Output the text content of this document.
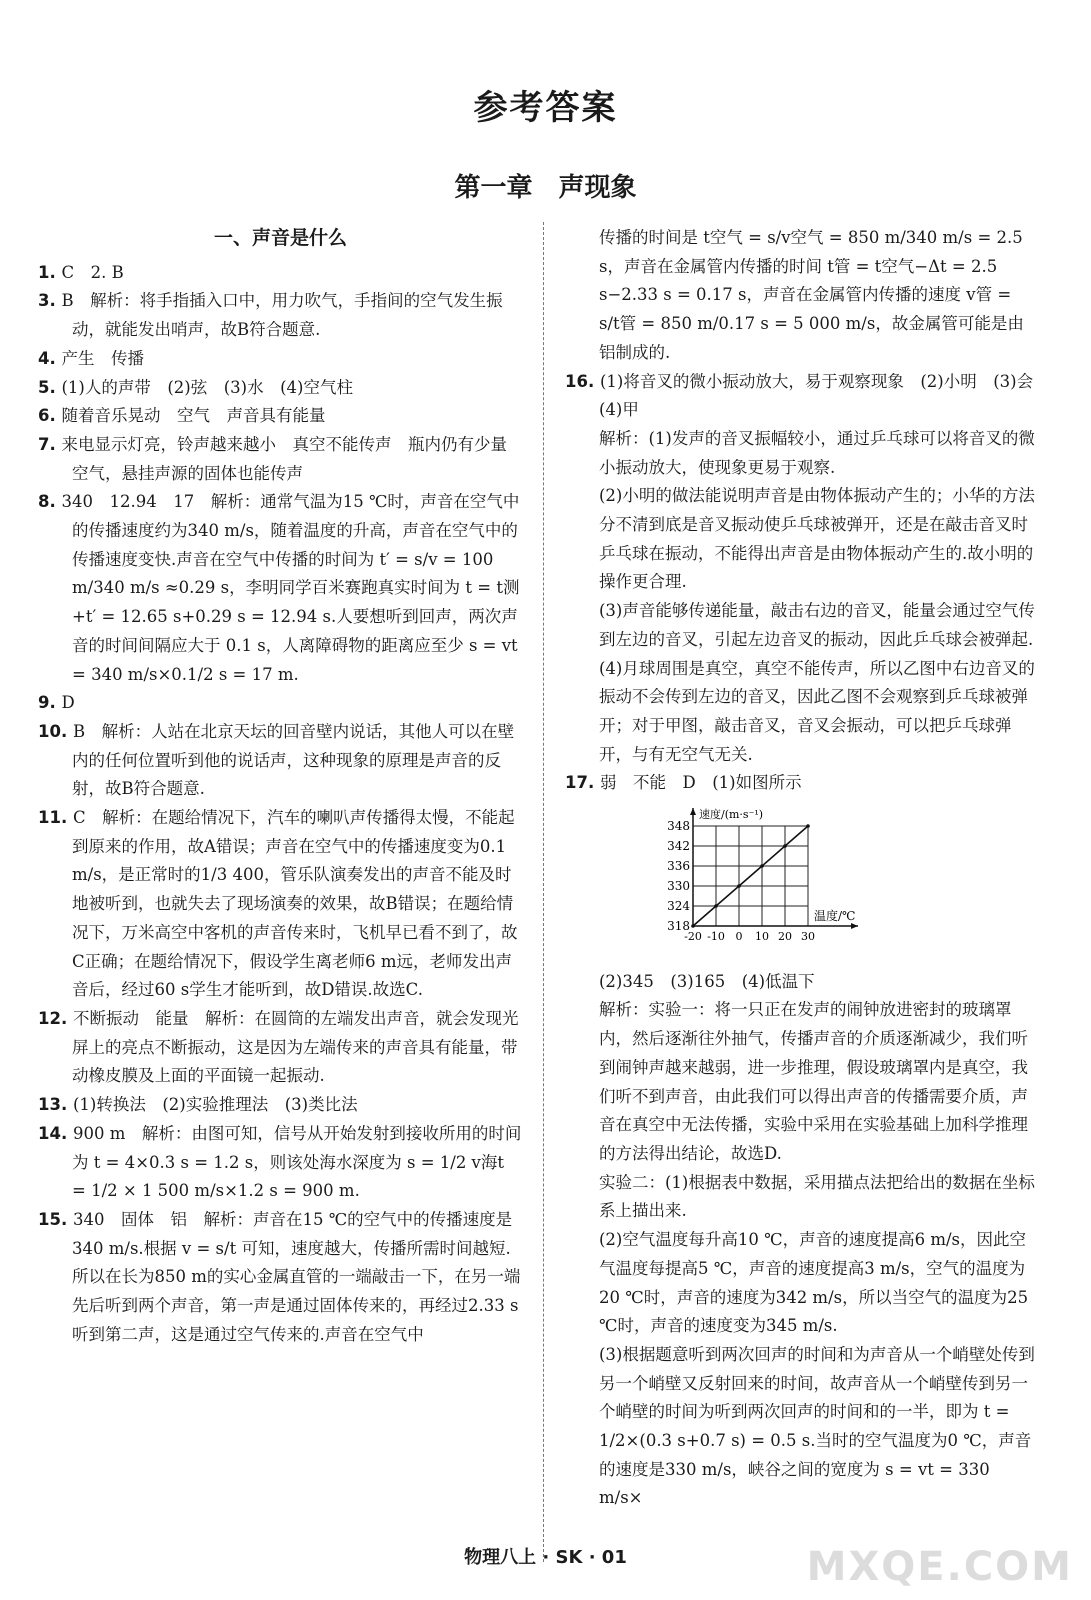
参考答案
第一章　声现象
一、声音是什么

1. C　2. B

3. B　解析：将手指插入口中，用力吹气，手指间的空气发生振动，就能发出哨声，故B符合题意.

4. 产生　传播

5. (1)人的声带　(2)弦　(3)水　(4)空气柱

6. 随着音乐晃动　空气　声音具有能量

7. 来电显示灯亮，铃声越来越小　真空不能传声　瓶内仍有少量空气，悬挂声源的固体也能传声

8. 340　12.94　17　解析：通常气温为15 ℃时，声音在空气中的传播速度约为340 m/s，随着温度的升高，声音在空气中的传播速度变快.声音在空气中传播的时间为 t′ = s/v = 100 m/340 m/s ≈0.29 s，李明同学百米赛跑真实时间为 t = t测+t′ = 12.65 s+0.29 s = 12.94 s.人要想听到回声，两次声音的时间间隔应大于 0.1 s，人离障碍物的距离应至少 s = vt = 340 m/s×0.1/2 s = 17 m.

9. D

10. B　解析：人站在北京天坛的回音壁内说话，其他人可以在壁内的任何位置听到他的说话声，这种现象的原理是声音的反射，故B符合题意.

11. C　解析：在题给情况下，汽车的喇叭声传播得太慢，不能起到原来的作用，故A错误；声音在空气中的传播速度变为0.1 m/s，是正常时的1/3 400，管乐队演奏发出的声音不能及时地被听到，也就失去了现场演奏的效果，故B错误；在题给情况下，万米高空中客机的声音传来时，飞机早已看不到了，故C正确；在题给情况下，假设学生离老师6 m远，老师发出声音后，经过60 s学生才能听到，故D错误.故选C.

12. 不断振动　能量　解析：在圆筒的左端发出声音，就会发现光屏上的亮点不断振动，这是因为左端传来的声音具有能量，带动橡皮膜及上面的平面镜一起振动.

13. (1)转换法　(2)实验推理法　(3)类比法

14. 900 m　解析：由图可知，信号从开始发射到接收所用的时间为 t = 4×0.3 s = 1.2 s，则该处海水深度为 s = 1/2 v海t = 1/2 × 1 500 m/s×1.2 s = 900 m.

15. 340　固体　铝　解析：声音在15 ℃的空气中的传播速度是340 m/s.根据 v = s/t 可知，速度越大，传播所需时间越短.所以在长为850 m的实心金属直管的一端敲击一下，在另一端先后听到两个声音，第一声是通过固体传来的，再经过2.33 s听到第二声，这是通过空气传来的.声音在空气中

传播的时间是 t空气 = s/v空气 = 850 m/340 m/s = 2.5 s，声音在金属管内传播的时间 t管 = t空气−Δt = 2.5 s−2.33 s = 0.17 s，声音在金属管内传播的速度 v管 = s/t管 = 850 m/0.17 s = 5 000 m/s，故金属管可能是由铝制成的.

16. (1)将音叉的微小振动放大，易于观察现象　(2)小明　(3)会　(4)甲

解析：(1)发声的音叉振幅较小，通过乒乓球可以将音叉的微小振动放大，使现象更易于观察.

(2)小明的做法能说明声音是由物体振动产生的；小华的方法分不清到底是音叉振动使乒乓球被弹开，还是在敲击音叉时乒乓球在振动，不能得出声音是由物体振动产生的.故小明的操作更合理.

(3)声音能够传递能量，敲击右边的音叉，能量会通过空气传到左边的音叉，引起左边音叉的振动，因此乒乓球会被弹起.

(4)月球周围是真空，真空不能传声，所以乙图中右边音叉的振动不会传到左边的音叉，因此乙图不会观察到乒乓球被弹开；对于甲图，敲击音叉，音叉会振动，可以把乒乓球弹开，与有无空气无关.

17. 弱　不能　D　(1)如图所示

318
324
330
336
342
348
-20 -10 0 10 20 30
速度/(m·s⁻¹)
温度/℃

(2)345　(3)165　(4)低温下

解析：实验一：将一只正在发声的闹钟放进密封的玻璃罩内，然后逐渐往外抽气，传播声音的介质逐渐减少，我们听到闹钟声越来越弱，进一步推理，假设玻璃罩内是真空，我们听不到声音，由此我们可以得出声音的传播需要介质，声音在真空中无法传播，实验中采用在实验基础上加科学推理的方法得出结论，故选D.

实验二：(1)根据表中数据，采用描点法把给出的数据在坐标系上描出来.

(2)空气温度每升高10 ℃，声音的速度提高6 m/s，因此空气温度每提高5 ℃，声音的速度提高3 m/s，空气的温度为20 ℃时，声音的速度为342 m/s，所以当空气的温度为25 ℃时，声音的速度变为345 m/s.

(3)根据题意听到两次回声的时间和为声音从一个峭壁处传到另一个峭壁又反射回来的时间，故声音从一个峭壁传到另一个峭壁的时间为听到两次回声的时间和的一半，即为 t = 1/2×(0.3 s+0.7 s) = 0.5 s.当时的空气温度为0 ℃，声音的速度是330 m/s，峡谷之间的宽度为 s = vt = 330 m/s×

物理八上 · SK · 01	MXQE.COM
